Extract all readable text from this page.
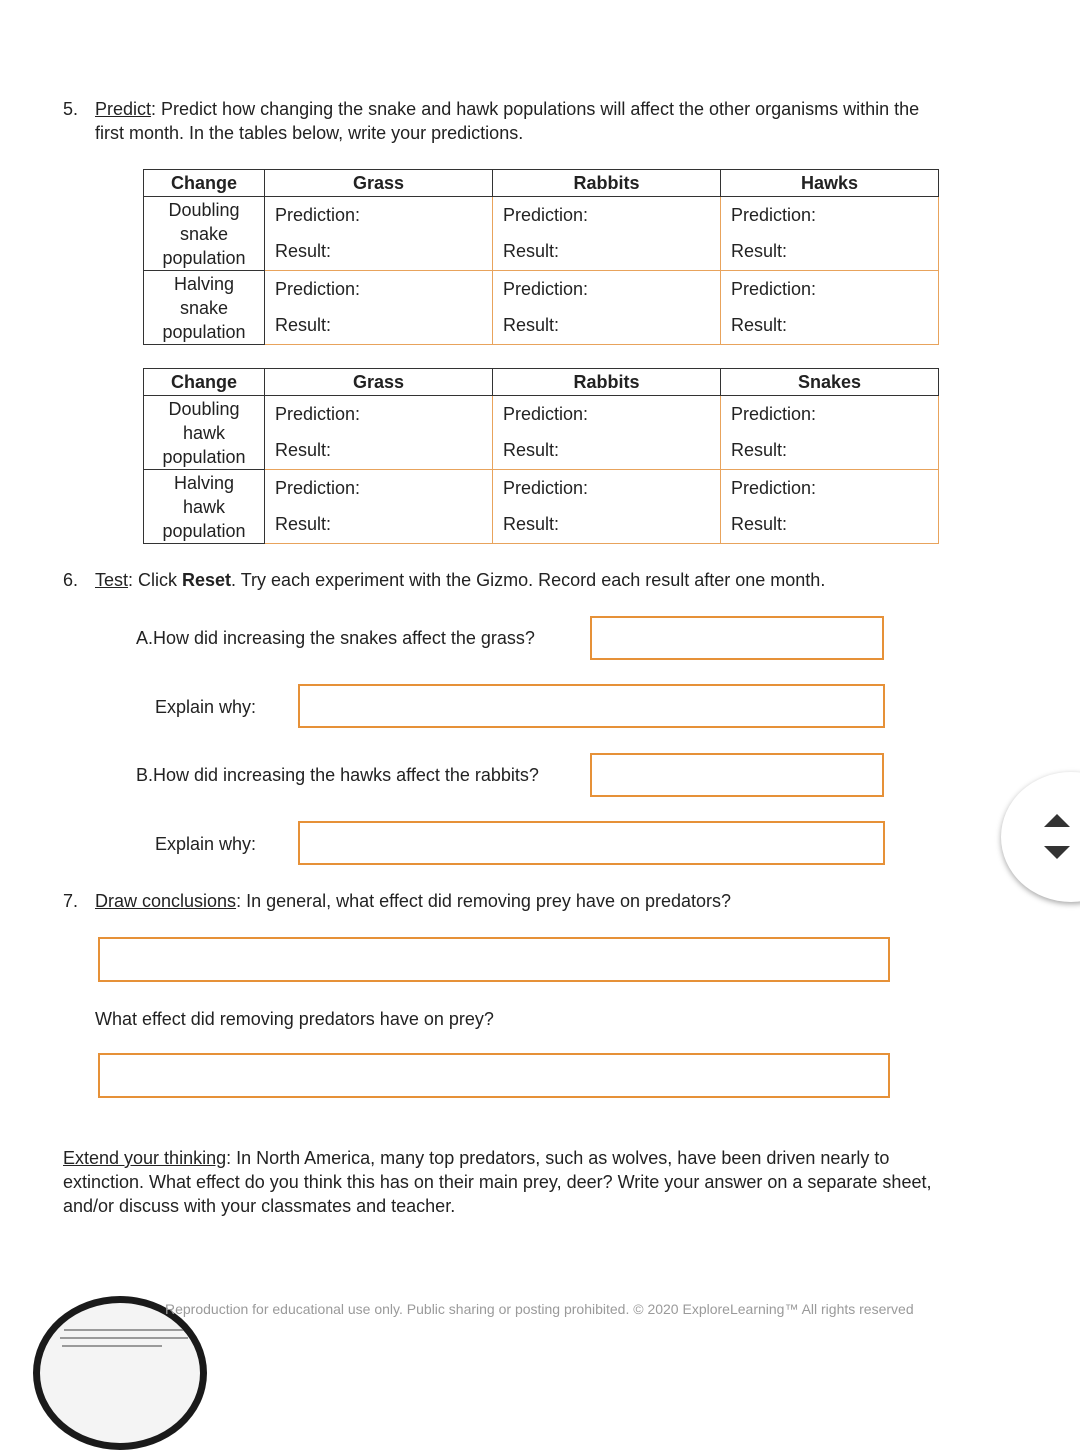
5. Predict: Predict how changing the snake and hawk populations will affect the other organisms within the
first month. In the tables below, write your predictions.
Change	Grass	Rabbits	Hawks
Doubling
snake
population	Prediction:
Result:	Prediction:
Result:	Prediction:
Result:

Halving
snake
population	Prediction:
Result:	Prediction:
Result:	Prediction:
Result:
Change	Grass	Rabbits	Snakes
Doubling
hawk
population	Prediction:
Result:	Prediction:
Result:	Prediction:
Result:

Halving
hawk
population	Prediction:
Result:	Prediction:
Result:	Prediction:
Result:
6. Test: Click Reset. Try each experiment with the Gizmo. Record each result after one month.
A.How did increasing the snakes affect the grass?
Explain why:
B.How did increasing the hawks affect the rabbits?
Explain why:
7. Draw conclusions: In general, what effect did removing prey have on predators?
What effect did removing predators have on prey?
Extend your thinking: In North America, many top predators, such as wolves, have been driven nearly to
extinction. What effect do you think this has on their main prey, deer? Write your answer on a separate sheet,
and/or discuss with your classmates and teacher.
Reproduction for educational use only. Public sharing or posting prohibited. © 2020 ExploreLearning™ All rights reserved
